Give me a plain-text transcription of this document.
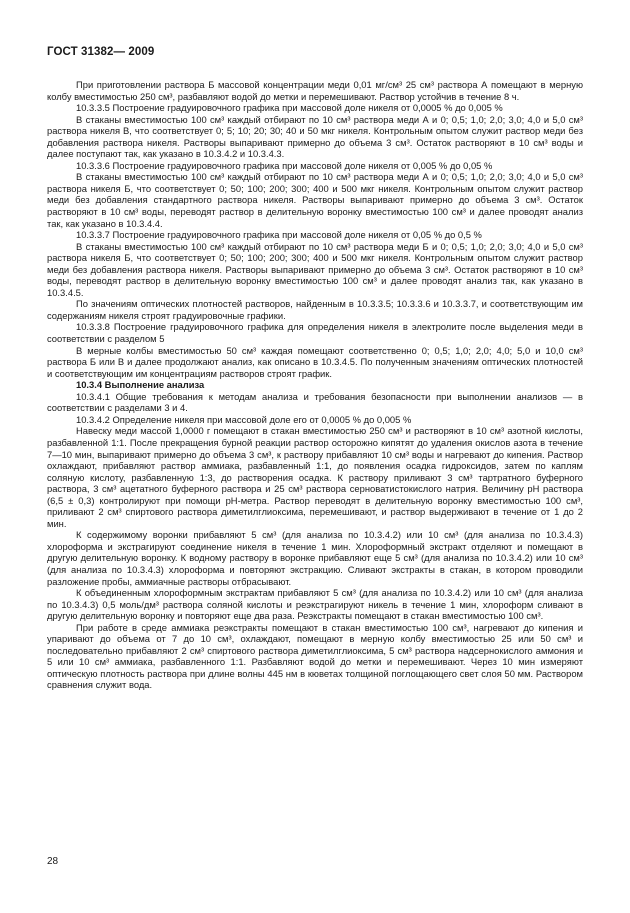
ГОСТ 31382— 2009

При приготовлении раствора Б массовой концентрации меди 0,01 мг/см³ 25 см³ раствора А помещают в мерную колбу вместимостью 250 см³, разбавляют водой до метки и перемешивают. Раствор устойчив в течение 8 ч.

10.3.3.5 Построение градуировочного графика при массовой доле никеля от 0,0005 % до 0,005 %

В стаканы вместимостью 100 см³ каждый отбирают по 10 см³ раствора меди А и 0; 0,5; 1,0; 2,0; 3,0; 4,0 и 5,0 см³ раствора никеля В, что соответствует 0; 5; 10; 20; 30; 40 и 50 мкг никеля. Контрольным опытом служит раствор меди без добавления раствора никеля. Растворы выпаривают примерно до объема 3 см³. Остаток растворяют в 10 см³ воды и далее поступают так, как указано в 10.3.4.2 и 10.3.4.3.

10.3.3.6 Построение градуировочного графика при массовой доле никеля от 0,005 % до 0,05 %

В стаканы вместимостью 100 см³ каждый отбирают по 10 см³ раствора меди А и 0; 0,5; 1,0; 2,0; 3,0; 4,0 и 5,0 см³ раствора никеля Б, что соответствует 0; 50; 100; 200; 300; 400 и 500 мкг никеля. Контрольным опытом служит раствор меди без добавления стандартного раствора никеля. Растворы выпаривают примерно до объема 3 см³. Остаток растворяют в 10 см³ воды, переводят раствор в делительную воронку вместимостью 100 см³ и далее проводят анализ так, как указано в 10.3.4.4.

10.3.3.7 Построение градуировочного графика при массовой доле никеля от 0,05 % до 0,5 %

В стаканы вместимостью 100 см³ каждый отбирают по 10 см³ раствора меди Б и 0; 0,5; 1,0; 2,0; 3,0; 4,0 и 5,0 см³ раствора никеля Б, что соответствует 0; 50; 100; 200; 300; 400 и 500 мкг никеля. Контрольным опытом служит раствор меди без добавления раствора никеля. Растворы выпаривают примерно до объема 3 см³. Остаток растворяют в 10 см³ воды, переводят раствор в делительную воронку вместимостью 100 см³ и далее проводят анализ так, как указано в 10.3.4.5.

По значениям оптических плотностей растворов, найденным в 10.3.3.5; 10.3.3.6 и 10.3.3.7, и соответствующим им содержаниям никеля строят градуировочные графики.

10.3.3.8 Построение градуировочного графика для определения никеля в электролите после выделения меди в соответствии с разделом 5

В мерные колбы вместимостью 50 см³ каждая помещают соответственно 0; 0,5; 1,0; 2,0; 4,0; 5,0 и 10,0 см³ раствора Б или В и далее продолжают анализ, как описано в 10.3.4.5. По полученным значениям оптических плотностей и соответствующим им концентрациям растворов строят график.

10.3.4 Выполнение анализа

10.3.4.1 Общие требования к методам анализа и требования безопасности при выполнении анализов — в соответствии с разделами 3 и 4.

10.3.4.2 Определение никеля при массовой доле его от 0,0005 % до 0,005 %

Навеску меди массой 1,0000 г помещают в стакан вместимостью 250 см³ и растворяют в 10 см³ азотной кислоты, разбавленной 1:1. После прекращения бурной реакции раствор осторожно кипятят до удаления окислов азота в течение 7—10 мин, выпаривают примерно до объема 3 см³, к раствору прибавляют 10 см³ воды и нагревают до кипения. Раствор охлаждают, прибавляют раствор аммиака, разбавленный 1:1, до появления осадка гидроксидов, затем по каплям соляную кислоту, разбавленную 1:3, до растворения осадка. К раствору приливают 3 см³ тартратного буферного раствора, 3 см³ ацетатного буферного раствора и 25 см³ раствора серноватистокислого натрия. Величину pH раствора (6,5 ± 0,3) контролируют при помощи pH-метра. Раствор переводят в делительную воронку вместимостью 100 см³, приливают 2 см³ спиртового раствора диметилглиоксима, перемешивают, и раствор выдерживают в течение от 1 до 2 мин.

К содержимому воронки прибавляют 5 см³ (для анализа по 10.3.4.2) или 10 см³ (для анализа по 10.3.4.3) хлороформа и экстрагируют соединение никеля в течение 1 мин. Хлороформный экстракт отделяют и помещают в другую делительную воронку. К водному раствору в воронке прибавляют еще 5 см³ (для анализа по 10.3.4.2) или 10 см³ (для анализа по 10.3.4.3) хлороформа и повторяют экстракцию. Сливают экстракты в стакан, в котором проводили разложение пробы, аммиачные растворы отбрасывают.

К объединенным хлороформным экстрактам прибавляют 5 см³ (для анализа по 10.3.4.2) или 10 см³ (для анализа по 10.3.4.3) 0,5 моль/дм³ раствора соляной кислоты и реэкстрагируют никель в течение 1 мин, хлороформ сливают в другую делительную воронку и повторяют еще два раза. Реэкстракты помещают в стакан вместимостью 100 см³.

При работе в среде аммиака реэкстракты помещают в стакан вместимостью 100 см³, нагревают до кипения и упаривают до объема от 7 до 10 см³, охлаждают, помещают в мерную колбу вместимостью 25 или 50 см³ и последовательно прибавляют 2 см³ спиртового раствора диметилглиоксима, 5 см³ раствора надсернокислого аммония и 5 или 10 см³ аммиака, разбавленного 1:1. Разбавляют водой до метки и перемешивают. Через 10 мин измеряют оптическую плотность раствора при длине волны 445 нм в кюветах толщиной поглощающего свет слоя 50 мм. Раствором сравнения служит вода.

28
